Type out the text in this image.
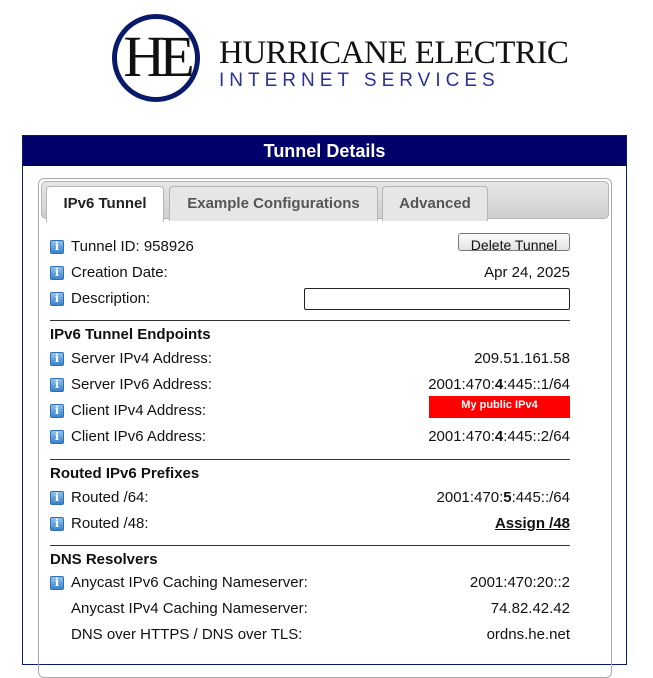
HE HURRICANE ELECTRIC
INTERNET SERVICES
Tunnel Details
IPv6 Tunnel	Example Configurations	Advanced
i Tunnel ID: 958926	Delete Tunnel
i Creation Date:	Apr 24, 2025
i Description:
IPv6 Tunnel Endpoints
i Server IPv4 Address:	209.51.161.58
i Server IPv6 Address:	2001:470:4:445::1/64
i Client IPv4 Address:	My public IPv4
i Client IPv6 Address:	2001:470:4:445::2/64
Routed IPv6 Prefixes
i Routed /64:	2001:470:5:445::/64
i Routed /48:	Assign /48
DNS Resolvers
i Anycast IPv6 Caching Nameserver:	2001:470:20::2
Anycast IPv4 Caching Nameserver:	74.82.42.42
DNS over HTTPS / DNS over TLS:	ordns.he.net
